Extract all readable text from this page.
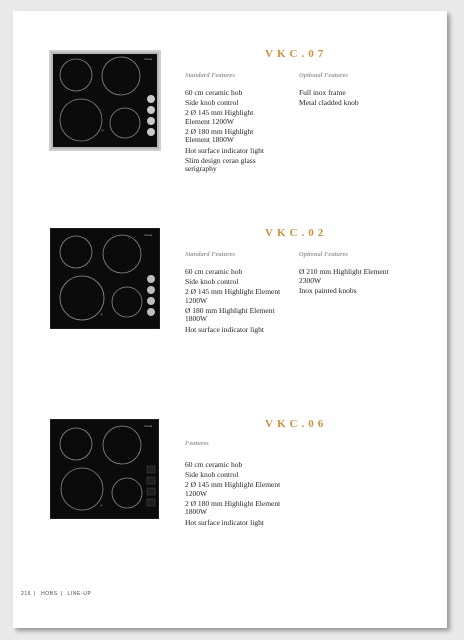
Vestel
+
VKC.07
Standard Features	Optional Features
60 cm ceramic hob
Side knob control
2 Ø 145 mm Highlight Element 1200W
2 Ø 180 mm Highlight Element 1800W
Hot surface indicator light
Slim design ceran glass serigraphy
Full inox frame
Metal cladded knob
Vestel
+
VKC.02
Standard Features	Optional Features
60 cm ceramic hob
Side knob control
2 Ø 145 mm Highlight Element 1200W
Ø 180 mm Highlight Element 1800W
Hot surface indicator light
Ø 210 mm Highlight Element 2300W
Inox painted knobs
Vestel
+
VKC.06
Features
60 cm ceramic hob
Side knob control
2 Ø 145 mm Highlight Element 1200W
2 Ø 180 mm Highlight Element 1800W
Hot surface indicator light
216 | HOBS | LINE-UP
